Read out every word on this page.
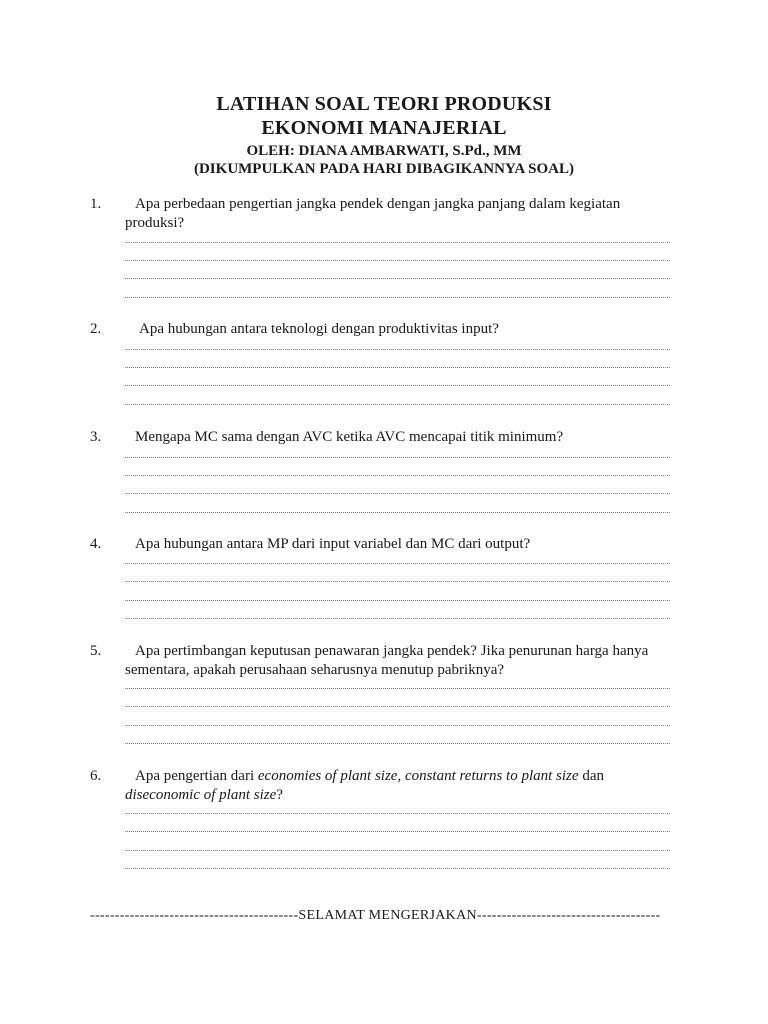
LATIHAN SOAL TEORI PRODUKSI
EKONOMI MANAJERIAL
OLEH: DIANA AMBARWATI, S.Pd., MM
(DIKUMPULKAN PADA HARI DIBAGIKANNYA SOAL)
1.	Apa perbedaan pengertian jangka pendek dengan jangka panjang dalam kegiatan
produksi?
2.	Apa hubungan antara teknologi dengan produktivitas input?
3.	Mengapa MC sama dengan AVC ketika AVC mencapai titik minimum?
4.	Apa hubungan antara MP dari input variabel dan MC dari output?
5.	Apa pertimbangan keputusan penawaran jangka pendek? Jika penurunan harga hanya
sementara, apakah perusahaan seharusnya menutup pabriknya?
6.	Apa pengertian dari economies of plant size, constant returns to plant size dan
diseconomic of plant size?
------------------------------------------SELAMAT MENGERJAKAN-------------------------------------
